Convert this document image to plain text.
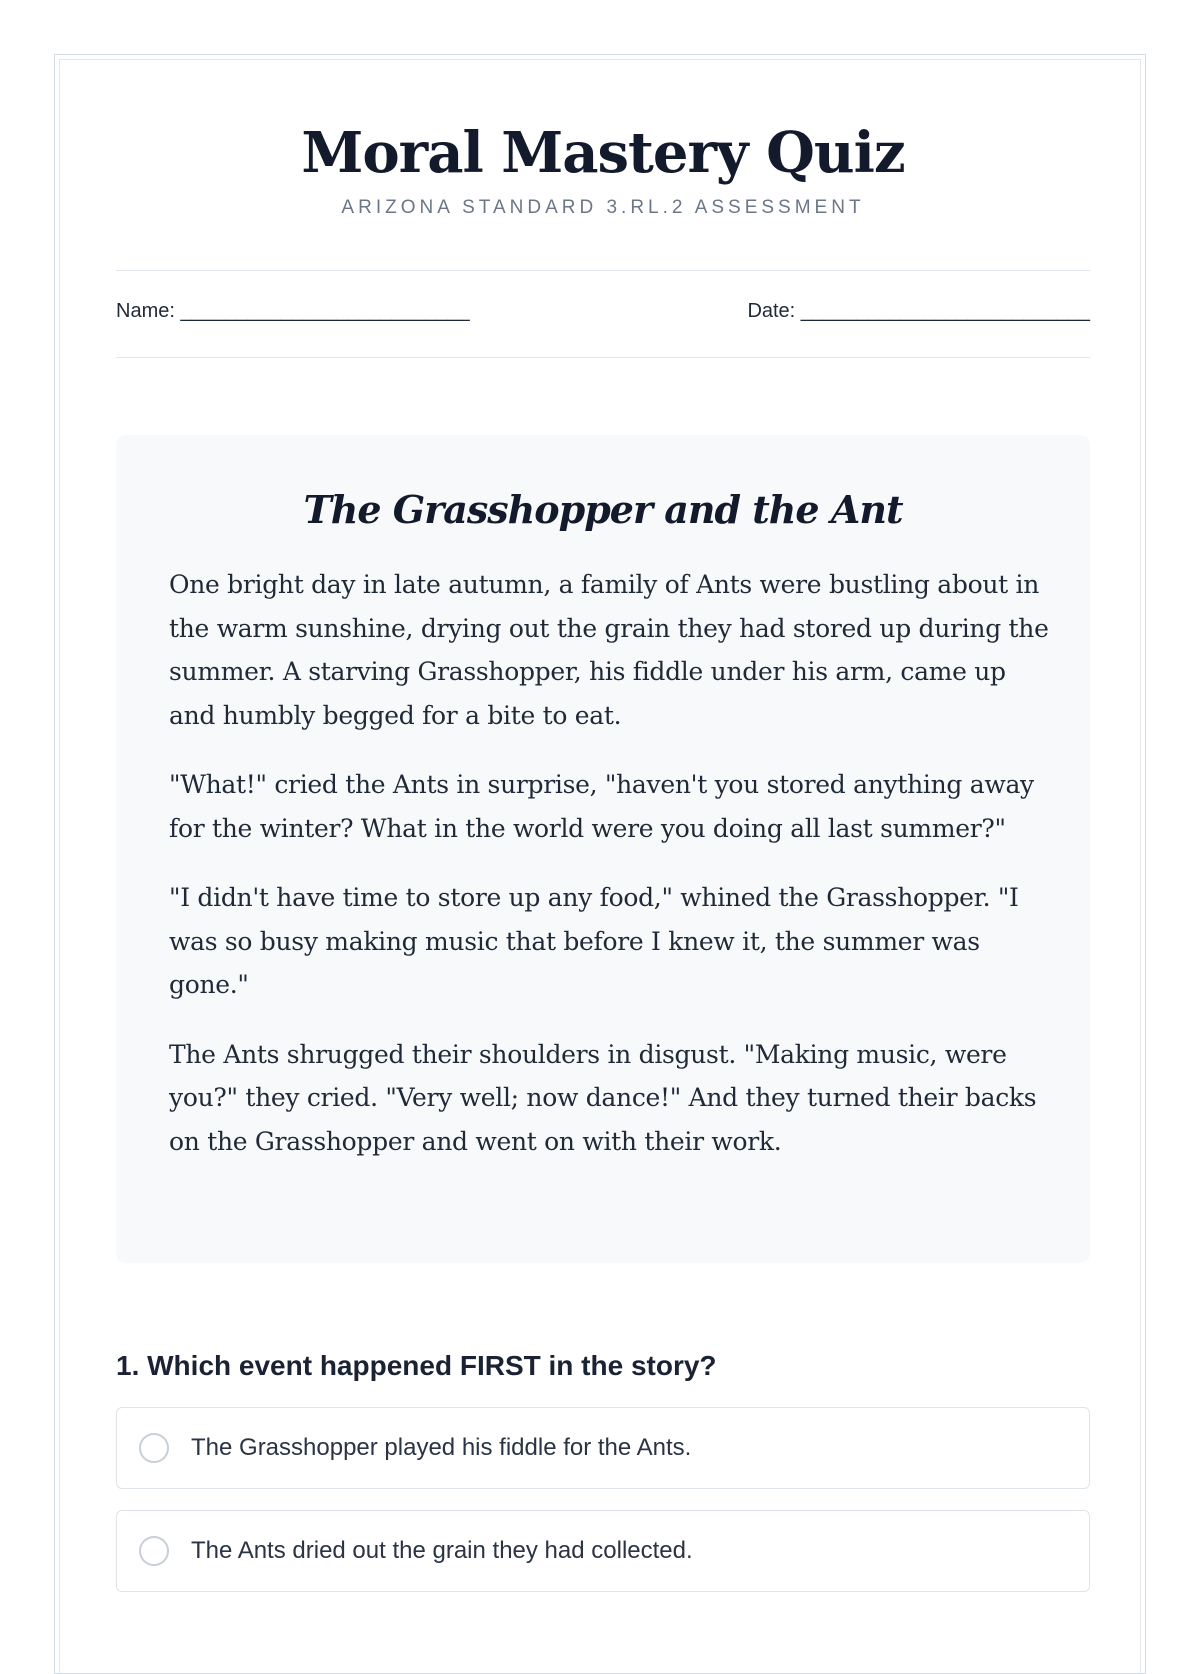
Moral Mastery Quiz
ARIZONA STANDARD 3.RL.2 ASSESSMENT
Name: __________________________	Date: __________________________
The Grasshopper and the Ant

One bright day in late autumn, a family of Ants were bustling about in the warm sunshine, drying out the grain they had stored up during the summer. A starving Grasshopper, his fiddle under his arm, came up and humbly begged for a bite to eat.

"What!" cried the Ants in surprise, "haven't you stored anything away for the winter? What in the world were you doing all last summer?"

"I didn't have time to store up any food," whined the Grasshopper. "I was so busy making music that before I knew it, the summer was gone."

The Ants shrugged their shoulders in disgust. "Making music, were you?" they cried. "Very well; now dance!" And they turned their backs on the Grasshopper and went on with their work.

1. Which event happened FIRST in the story?
The Grasshopper played his fiddle for the Ants.
The Ants dried out the grain they had collected.
